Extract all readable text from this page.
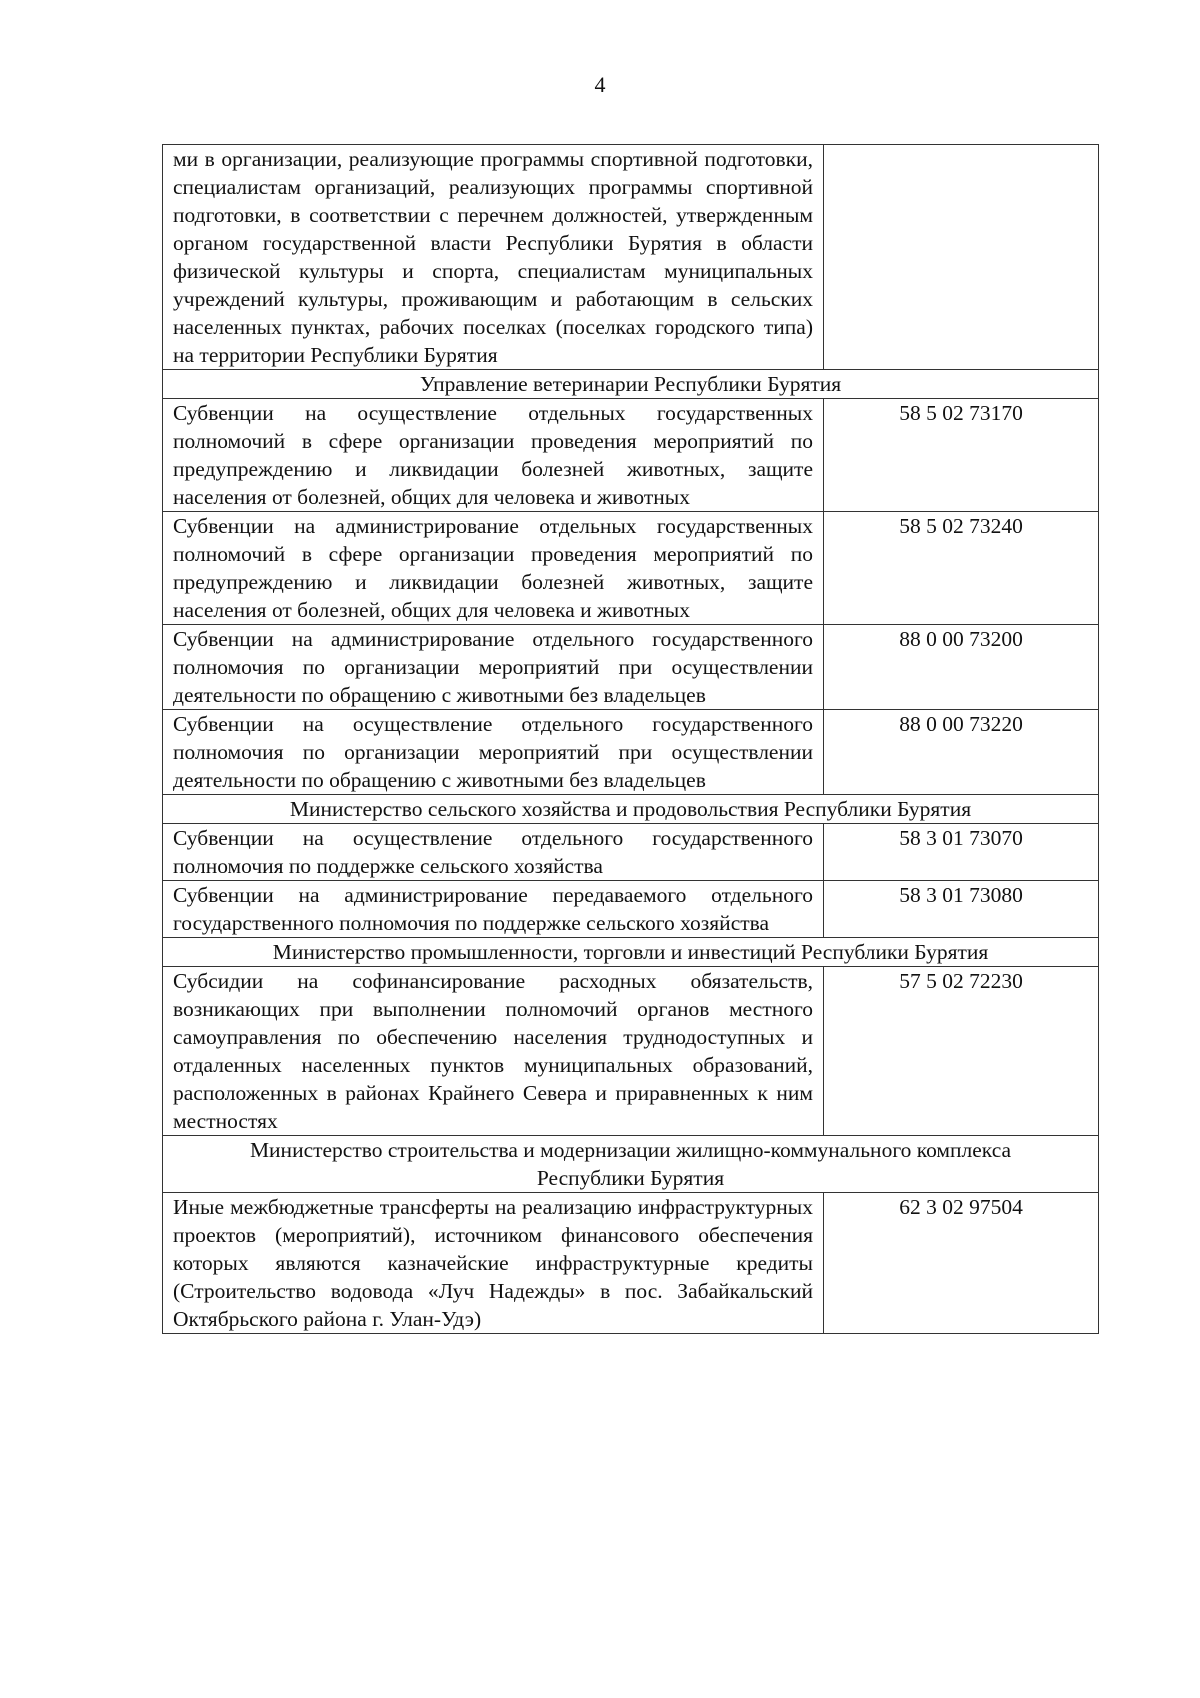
4
ми в организации, реализующие программы спортивной подготовки, специалистам организаций, реализующих программы спортивной подготовки, в соответствии с перечнем должностей, утвержденным органом государственной власти Республики Бурятия в области физической культуры и спорта, специалистам муниципальных учреждений культуры, проживающим и работающим в сельских населенных пунктах, рабочих поселках (поселках городского типа) на территории Республики Бурятия	

Управление ветеринарии Республики Бурятия	

Субвенции на осуществление отдельных государственных полномочий в сфере организации проведения мероприятий по предупреждению и ликвидации болезней животных, защите населения от болезней, общих для человека и животных	58 5 02 73170
Субвенции на администрирование отдельных государственных полномочий в сфере организации проведения мероприятий по предупреждению и ликвидации болезней животных, защите населения от болезней, общих для человека и животных	58 5 02 73240
Субвенции на администрирование отдельного государственного полномочия по организации мероприятий при осуществлении деятельности по обращению с животными без владельцев	88 0 00 73200
Субвенции на осуществление отдельного государственного полномочия по организации мероприятий при осуществлении деятельности по обращению с животными без владельцев	88 0 00 73220

Министерство сельского хозяйства и продовольствия Республики Бурятия	

Субвенции на осуществление отдельного государственного полномочия по поддержке сельского хозяйства	58 3 01 73070
Субвенции на администрирование передаваемого отдельного государственного полномочия по поддержке сельского хозяйства	58 3 01 73080

Министерство промышленности, торговли и инвестиций Республики Бурятия	

Субсидии на софинансирование расходных обязательств, возникающих при выполнении полномочий органов местного самоуправления по обеспечению населения труднодоступных и отдаленных населенных пунктов муниципальных образований, расположенных в районах Крайнего Севера и приравненных к ним местностях	57 5 02 72230

Министерство строительства и модернизации жилищно-коммунального комплекса
Республики Бурятия	

Иные межбюджетные трансферты на реализацию инфраструктурных проектов (мероприятий), источником финансового обеспечения которых являются казначейские инфраструктурные кредиты (Строительство водовода «Луч Надежды» в пос. Забайкальский Октябрьского района г. Улан-Удэ)	62 3 02 97504
